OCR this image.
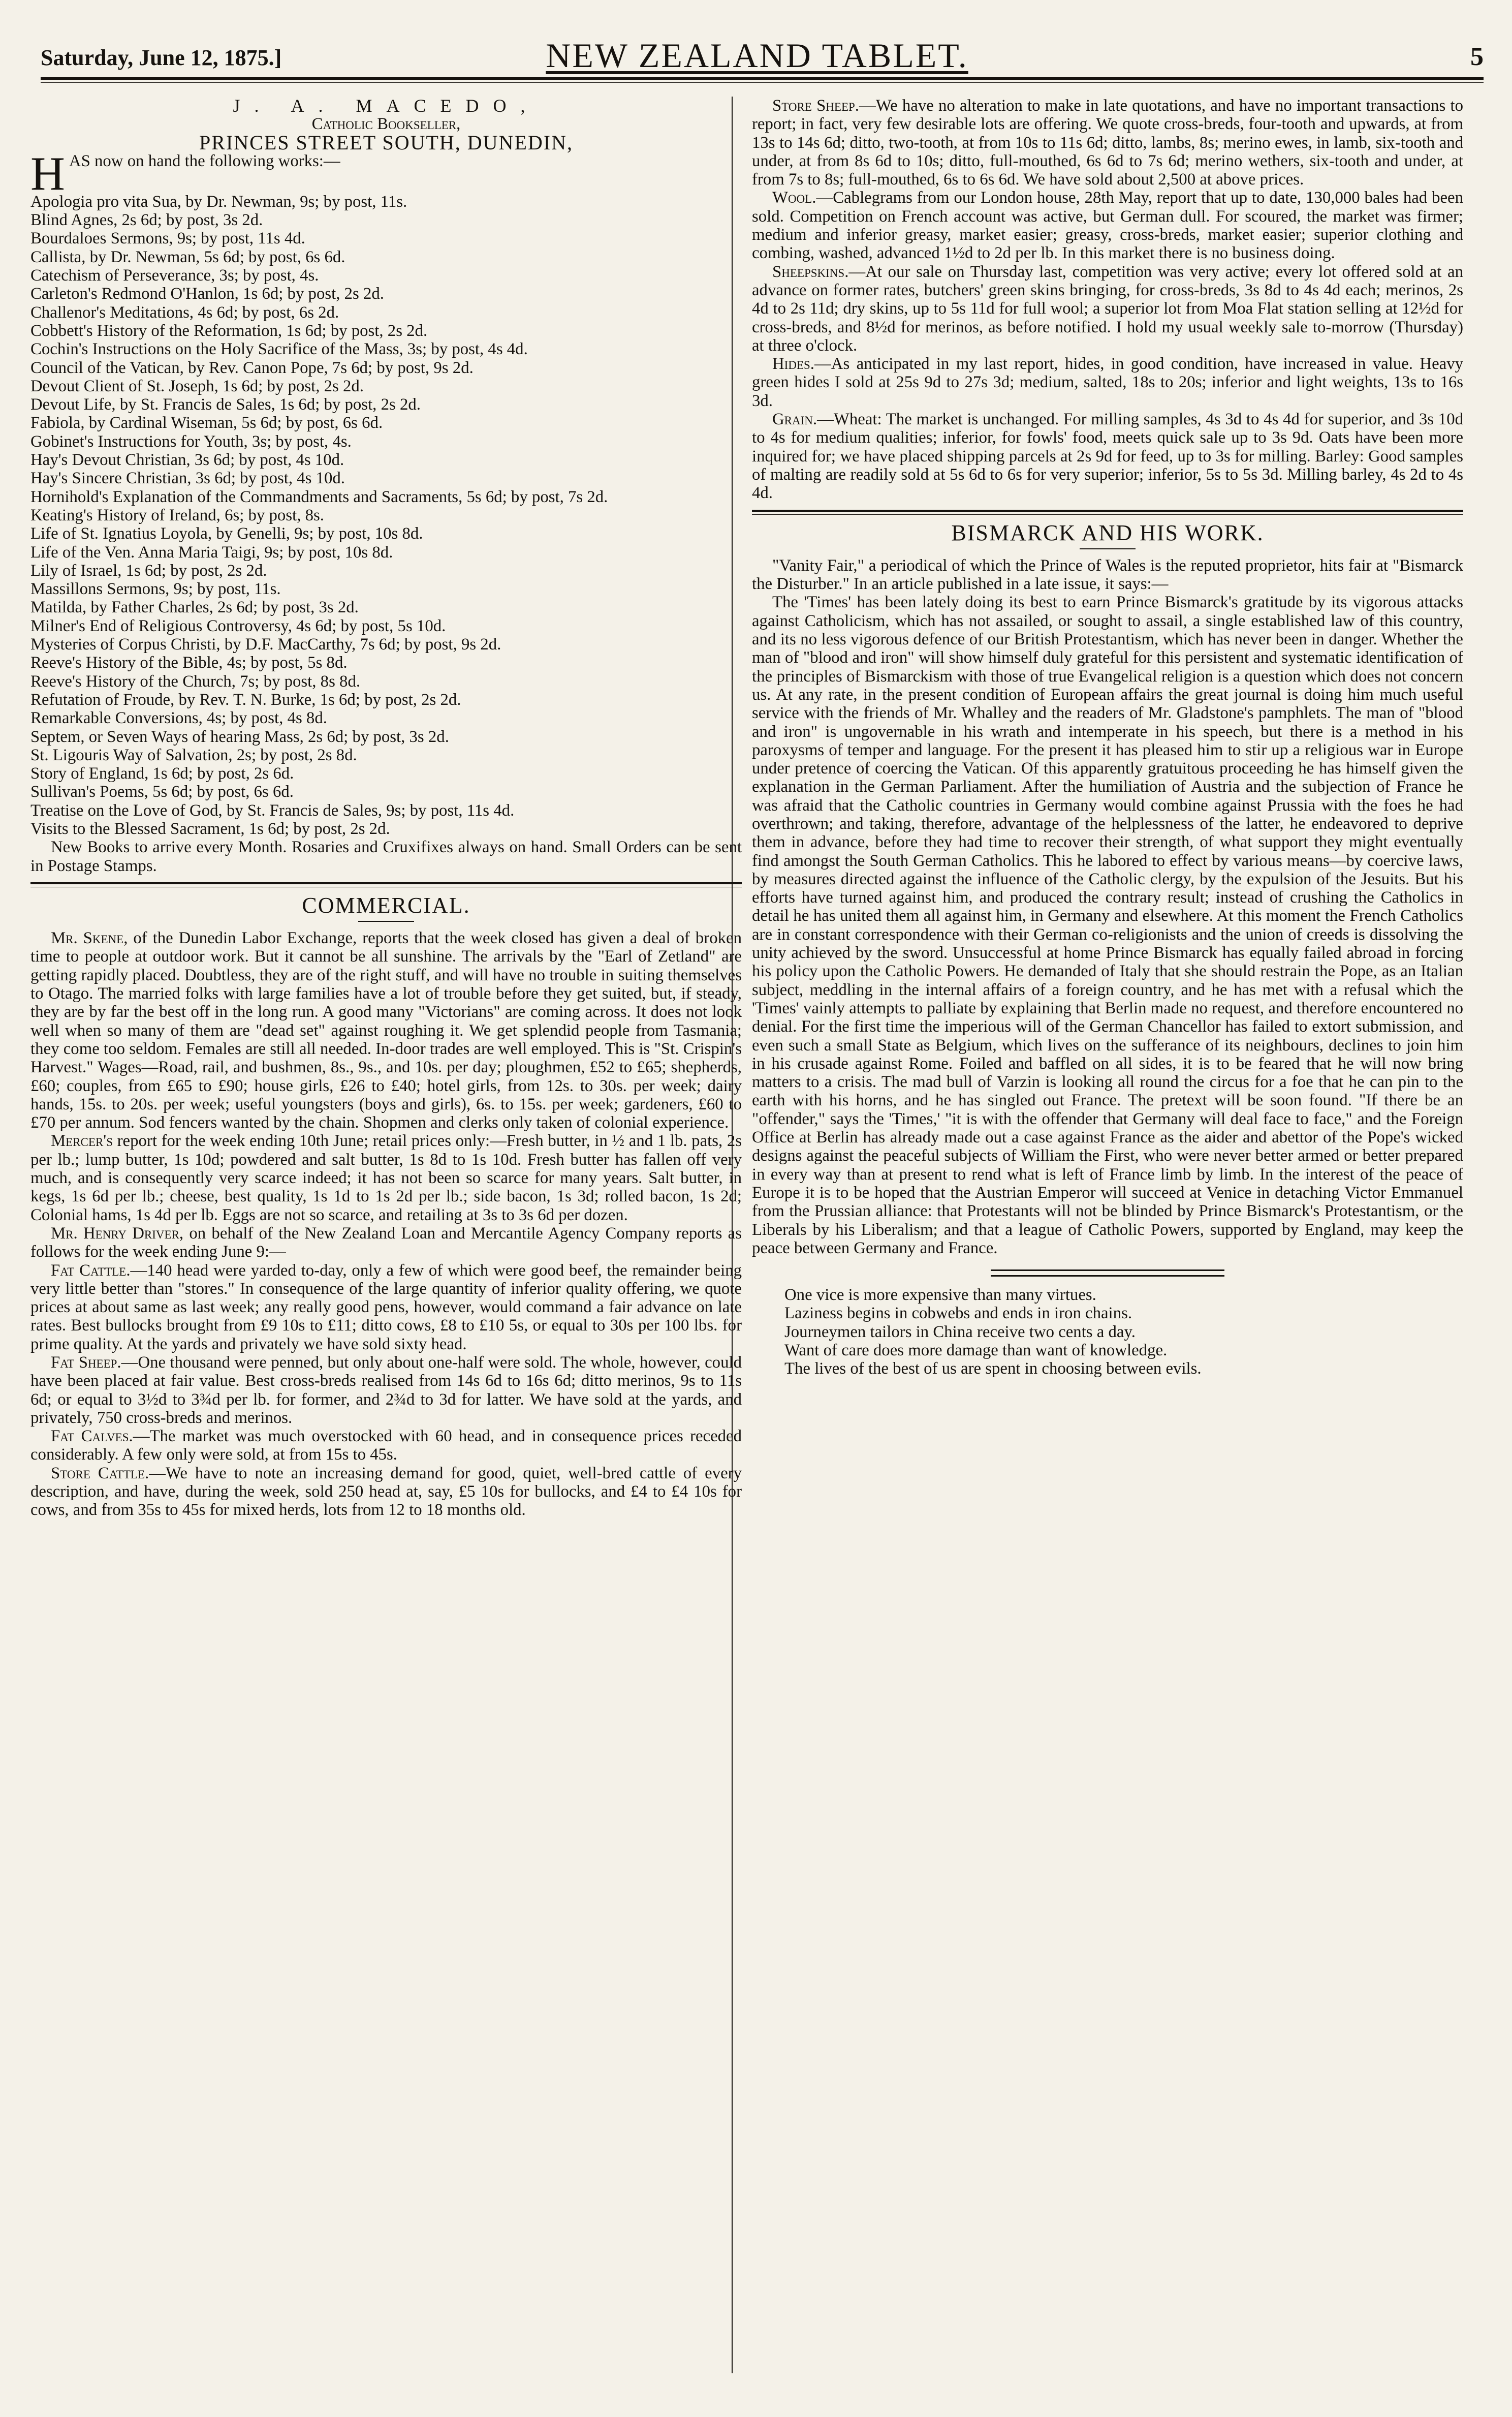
Saturday, June 12, 1875.]	NEW ZEALAND TABLET.	5

J. A. MACEDO,

Catholic Bookseller,

PRINCES STREET SOUTH, DUNEDIN,

HAS now on hand the following works:—

Apologia pro vita Sua, by Dr. Newman, 9s; by post, 11s.

Blind Agnes, 2s 6d; by post, 3s 2d.

Bourdaloes Sermons, 9s; by post, 11s 4d.

Callista, by Dr. Newman, 5s 6d; by post, 6s 6d.

Catechism of Perseverance, 3s; by post, 4s.

Carleton's Redmond O'Hanlon, 1s 6d; by post, 2s 2d.

Challenor's Meditations, 4s 6d; by post, 6s 2d.

Cobbett's History of the Reformation, 1s 6d; by post, 2s 2d.

Cochin's Instructions on the Holy Sacrifice of the Mass, 3s; by post, 4s 4d.

Council of the Vatican, by Rev. Canon Pope, 7s 6d; by post, 9s 2d.

Devout Client of St. Joseph, 1s 6d; by post, 2s 2d.

Devout Life, by St. Francis de Sales, 1s 6d; by post, 2s 2d.

Fabiola, by Cardinal Wiseman, 5s 6d; by post, 6s 6d.

Gobinet's Instructions for Youth, 3s; by post, 4s.

Hay's Devout Christian, 3s 6d; by post, 4s 10d.

Hay's Sincere Christian, 3s 6d; by post, 4s 10d.

Hornihold's Explanation of the Commandments and Sacraments, 5s 6d; by post, 7s 2d.

Keating's History of Ireland, 6s; by post, 8s.

Life of St. Ignatius Loyola, by Genelli, 9s; by post, 10s 8d.

Life of the Ven. Anna Maria Taigi, 9s; by post, 10s 8d.

Lily of Israel, 1s 6d; by post, 2s 2d.

Massillons Sermons, 9s; by post, 11s.

Matilda, by Father Charles, 2s 6d; by post, 3s 2d.

Milner's End of Religious Controversy, 4s 6d; by post, 5s 10d.

Mysteries of Corpus Christi, by D.F. MacCarthy, 7s 6d; by post, 9s 2d.

Reeve's History of the Bible, 4s; by post, 5s 8d.

Reeve's History of the Church, 7s; by post, 8s 8d.

Refutation of Froude, by Rev. T. N. Burke, 1s 6d; by post, 2s 2d.

Remarkable Conversions, 4s; by post, 4s 8d.

Septem, or Seven Ways of hearing Mass, 2s 6d; by post, 3s 2d.

St. Ligouris Way of Salvation, 2s; by post, 2s 8d.

Story of England, 1s 6d; by post, 2s 6d.

Sullivan's Poems, 5s 6d; by post, 6s 6d.

Treatise on the Love of God, by St. Francis de Sales, 9s; by post, 11s 4d.

Visits to the Blessed Sacrament, 1s 6d; by post, 2s 2d.

New Books to arrive every Month. Rosaries and Cruxifixes always on hand. Small Orders can be sent in Postage Stamps.

COMMERCIAL.

Mr. Skene, of the Dunedin Labor Exchange, reports that the week closed has given a deal of broken time to people at outdoor work. But it cannot be all sunshine. The arrivals by the "Earl of Zetland" are getting rapidly placed. Doubtless, they are of the right stuff, and will have no trouble in suiting themselves to Otago. The married folks with large families have a lot of trouble before they get suited, but, if steady, they are by far the best off in the long run. A good many "Victorians" are coming across. It does not look well when so many of them are "dead set" against roughing it. We get splendid people from Tasmania; they come too seldom. Females are still all needed. In-door trades are well employed. This is "St. Crispin's Harvest." Wages—Road, rail, and bushmen, 8s., 9s., and 10s. per day; ploughmen, £52 to £65; shepherds, £60; couples, from £65 to £90; house girls, £26 to £40; hotel girls, from 12s. to 30s. per week; dairy hands, 15s. to 20s. per week; useful youngsters (boys and girls), 6s. to 15s. per week; gardeners, £60 to £70 per annum. Sod fencers wanted by the chain. Shopmen and clerks only taken of colonial experience.

Mercer's report for the week ending 10th June; retail prices only:—Fresh butter, in ½ and 1 lb. pats, 2s per lb.; lump butter, 1s 10d; powdered and salt butter, 1s 8d to 1s 10d. Fresh butter has fallen off very much, and is consequently very scarce indeed; it has not been so scarce for many years. Salt butter, in kegs, 1s 6d per lb.; cheese, best quality, 1s 1d to 1s 2d per lb.; side bacon, 1s 3d; rolled bacon, 1s 2d; Colonial hams, 1s 4d per lb. Eggs are not so scarce, and retailing at 3s to 3s 6d per dozen.

Mr. Henry Driver, on behalf of the New Zealand Loan and Mercantile Agency Company reports as follows for the week ending June 9:—

Fat Cattle.—140 head were yarded to-day, only a few of which were good beef, the remainder being very little better than "stores." In consequence of the large quantity of inferior quality offering, we quote prices at about same as last week; any really good pens, however, would command a fair advance on late rates. Best bullocks brought from £9 10s to £11; ditto cows, £8 to £10 5s, or equal to 30s per 100 lbs. for prime quality. At the yards and privately we have sold sixty head.

Fat Sheep.—One thousand were penned, but only about one-half were sold. The whole, however, could have been placed at fair value. Best cross-breds realised from 14s 6d to 16s 6d; ditto merinos, 9s to 11s 6d; or equal to 3½d to 3¾d per lb. for former, and 2¾d to 3d for latter. We have sold at the yards, and privately, 750 cross-breds and merinos.

Fat Calves.—The market was much overstocked with 60 head, and in consequence prices receded considerably. A few only were sold, at from 15s to 45s.

Store Cattle.—We have to note an increasing demand for good, quiet, well-bred cattle of every description, and have, during the week, sold 250 head at, say, £5 10s for bullocks, and £4 to £4 10s for cows, and from 35s to 45s for mixed herds, lots from 12 to 18 months old.

Store Sheep.—We have no alteration to make in late quotations, and have no important transactions to report; in fact, very few desirable lots are offering. We quote cross-breds, four-tooth and upwards, at from 13s to 14s 6d; ditto, two-tooth, at from 10s to 11s 6d; ditto, lambs, 8s; merino ewes, in lamb, six-tooth and under, at from 8s 6d to 10s; ditto, full-mouthed, 6s 6d to 7s 6d; merino wethers, six-tooth and under, at from 7s to 8s; full-mouthed, 6s to 6s 6d. We have sold about 2,500 at above prices.

Wool.—Cablegrams from our London house, 28th May, report that up to date, 130,000 bales had been sold. Competition on French account was active, but German dull. For scoured, the market was firmer; medium and inferior greasy, market easier; greasy, cross-breds, market easier; superior clothing and combing, washed, advanced 1½d to 2d per lb. In this market there is no business doing.

Sheepskins.—At our sale on Thursday last, competition was very active; every lot offered sold at an advance on former rates, butchers' green skins bringing, for cross-breds, 3s 8d to 4s 4d each; merinos, 2s 4d to 2s 11d; dry skins, up to 5s 11d for full wool; a superior lot from Moa Flat station selling at 12½d for cross-breds, and 8½d for merinos, as before notified. I hold my usual weekly sale to-morrow (Thursday) at three o'clock.

Hides.—As anticipated in my last report, hides, in good condition, have increased in value. Heavy green hides I sold at 25s 9d to 27s 3d; medium, salted, 18s to 20s; inferior and light weights, 13s to 16s 3d.

Grain.—Wheat: The market is unchanged. For milling samples, 4s 3d to 4s 4d for superior, and 3s 10d to 4s for medium qualities; inferior, for fowls' food, meets quick sale up to 3s 9d. Oats have been more inquired for; we have placed shipping parcels at 2s 9d for feed, up to 3s for milling. Barley: Good samples of malting are readily sold at 5s 6d to 6s for very superior; inferior, 5s to 5s 3d. Milling barley, 4s 2d to 4s 4d.

BISMARCK AND HIS WORK.

"Vanity Fair," a periodical of which the Prince of Wales is the reputed proprietor, hits fair at "Bismarck the Disturber." In an article published in a late issue, it says:—

The 'Times' has been lately doing its best to earn Prince Bismarck's gratitude by its vigorous attacks against Catholicism, which has not assailed, or sought to assail, a single established law of this country, and its no less vigorous defence of our British Protestantism, which has never been in danger. Whether the man of "blood and iron" will show himself duly grateful for this persistent and systematic identification of the principles of Bismarckism with those of true Evangelical religion is a question which does not concern us. At any rate, in the present condition of European affairs the great journal is doing him much useful service with the friends of Mr. Whalley and the readers of Mr. Gladstone's pamphlets. The man of "blood and iron" is ungovernable in his wrath and intemperate in his speech, but there is a method in his paroxysms of temper and language. For the present it has pleased him to stir up a religious war in Europe under pretence of coercing the Vatican. Of this apparently gratuitous proceeding he has himself given the explanation in the German Parliament. After the humiliation of Austria and the subjection of France he was afraid that the Catholic countries in Germany would combine against Prussia with the foes he had overthrown; and taking, therefore, advantage of the helplessness of the latter, he endeavored to deprive them in advance, before they had time to recover their strength, of what support they might eventually find amongst the South German Catholics. This he labored to effect by various means—by coercive laws, by measures directed against the influence of the Catholic clergy, by the expulsion of the Jesuits. But his efforts have turned against him, and produced the contrary result; instead of crushing the Catholics in detail he has united them all against him, in Germany and elsewhere. At this moment the French Catholics are in constant correspondence with their German co-religionists and the union of creeds is dissolving the unity achieved by the sword. Unsuccessful at home Prince Bismarck has equally failed abroad in forcing his policy upon the Catholic Powers. He demanded of Italy that she should restrain the Pope, as an Italian subject, meddling in the internal affairs of a foreign country, and he has met with a refusal which the 'Times' vainly attempts to palliate by explaining that Berlin made no request, and therefore encountered no denial. For the first time the imperious will of the German Chancellor has failed to extort submission, and even such a small State as Belgium, which lives on the sufferance of its neighbours, declines to join him in his crusade against Rome. Foiled and baffled on all sides, it is to be feared that he will now bring matters to a crisis. The mad bull of Varzin is looking all round the circus for a foe that he can pin to the earth with his horns, and he has singled out France. The pretext will be soon found. "If there be an "offender," says the 'Times,' "it is with the offender that Germany will deal face to face," and the Foreign Office at Berlin has already made out a case against France as the aider and abettor of the Pope's wicked designs against the peaceful subjects of William the First, who were never better armed or better prepared in every way than at present to rend what is left of France limb by limb. In the interest of the peace of Europe it is to be hoped that the Austrian Emperor will succeed at Venice in detaching Victor Emmanuel from the Prussian alliance: that Protestants will not be blinded by Prince Bismarck's Protestantism, or the Liberals by his Liberalism; and that a league of Catholic Powers, supported by England, may keep the peace between Germany and France.

One vice is more expensive than many virtues.

Laziness begins in cobwebs and ends in iron chains.

Journeymen tailors in China receive two cents a day.

Want of care does more damage than want of knowledge.

The lives of the best of us are spent in choosing between evils.
